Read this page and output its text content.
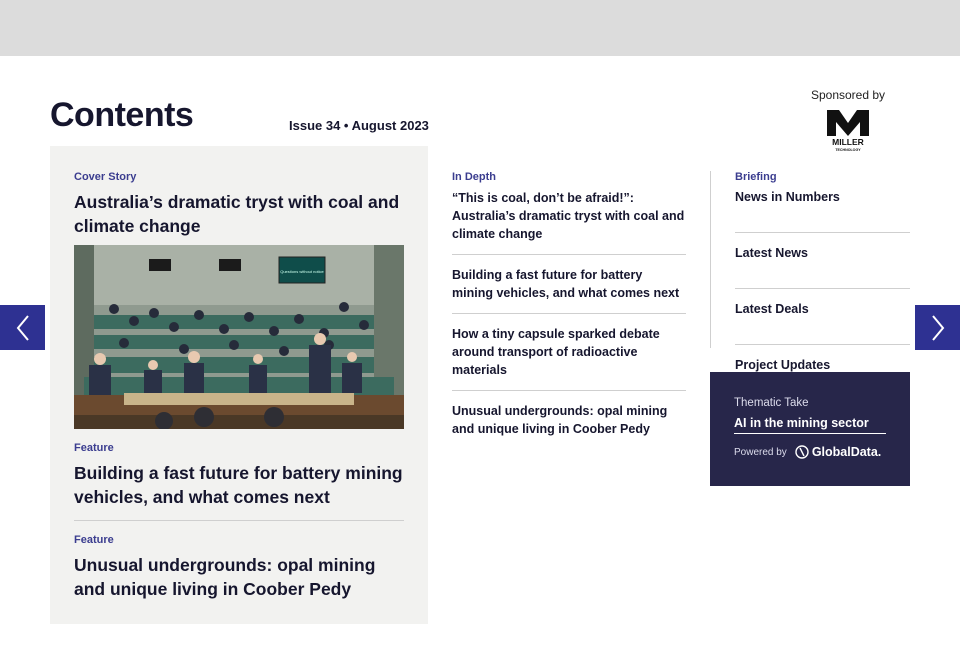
Contents	Issue 34 • August 2023
Sponsored by
MILLER
TECHNOLOGY
Cover Story
Australia’s dramatic tryst with coal and climate change
Questions without notice
Feature
Building a fast future for battery mining vehicles, and what comes next
Feature
Unusual undergrounds: opal mining and unique living in Coober Pedy
In Depth
“This is coal, don’t be afraid!”: Australia’s dramatic tryst with coal and climate change
Building a fast future for battery mining vehicles, and what comes next
How a tiny capsule sparked debate around transport of radioactive materials
Unusual undergrounds: opal mining and unique living in Coober Pedy
Briefing
News in Numbers
Latest News
Latest Deals
Project Updates
Thematic Take
AI in the mining sector
Powered by GlobalData.
